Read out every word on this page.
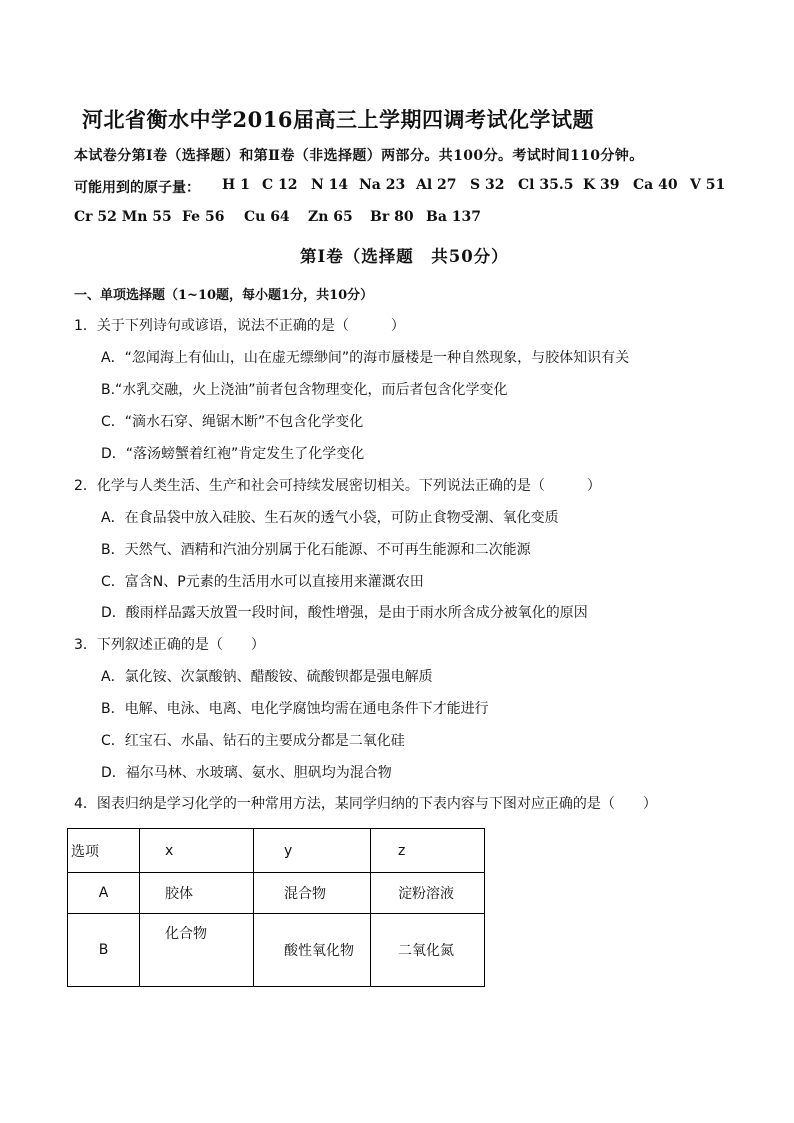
河北省衡水中学2016届高三上学期四调考试化学试题
本试卷分第Ⅰ卷（选择题）和第Ⅱ卷（非选择题）两部分。共100分。考试时间110分钟。
可能用到的原子量： H 1 C 12 N 14 Na 23 Al 27 S 32 Cl 35.5 K 39 Ca 40 V 51
Cr 52 Mn 55 Fe 56 Cu 64 Zn 65 Br 80 Ba 137
第Ⅰ卷（选择题　共50分）
一、单项选择题（1~10题，每小题1分，共10分）
1．关于下列诗句或谚语，说法不正确的是（　　　）
A．“忽闻海上有仙山，山在虚无缥缈间”的海市蜃楼是一种自然现象，与胶体知识有关
B.“水乳交融，火上浇油”前者包含物理变化，而后者包含化学变化
C．“滴水石穿、绳锯木断”不包含化学变化
D．“落汤螃蟹着红袍”肯定发生了化学变化
2．化学与人类生活、生产和社会可持续发展密切相关。下列说法正确的是（　　　）
A．在食品袋中放入硅胶、生石灰的透气小袋，可防止食物受潮、氧化变质
B．天然气、酒精和汽油分别属于化石能源、不可再生能源和二次能源
C．富含N、P元素的生活用水可以直接用来灌溉农田
D．酸雨样品露天放置一段时间，酸性增强，是由于雨水所含成分被氧化的原因
3．下列叙述正确的是（　　）
A．氯化铵、次氯酸钠、醋酸铵、硫酸钡都是强电解质
B．电解、电泳、电离、电化学腐蚀均需在通电条件下才能进行
C．红宝石、水晶、钻石的主要成分都是二氧化硅
D．福尔马林、水玻璃、氨水、胆矾均为混合物
4．图表归纳是学习化学的一种常用方法，某同学归纳的下表内容与下图对应正确的是（　　）
选项	x	y	z
A	胶体	混合物	淀粉溶液
B	化合物	酸性氧化物	二氧化氮
